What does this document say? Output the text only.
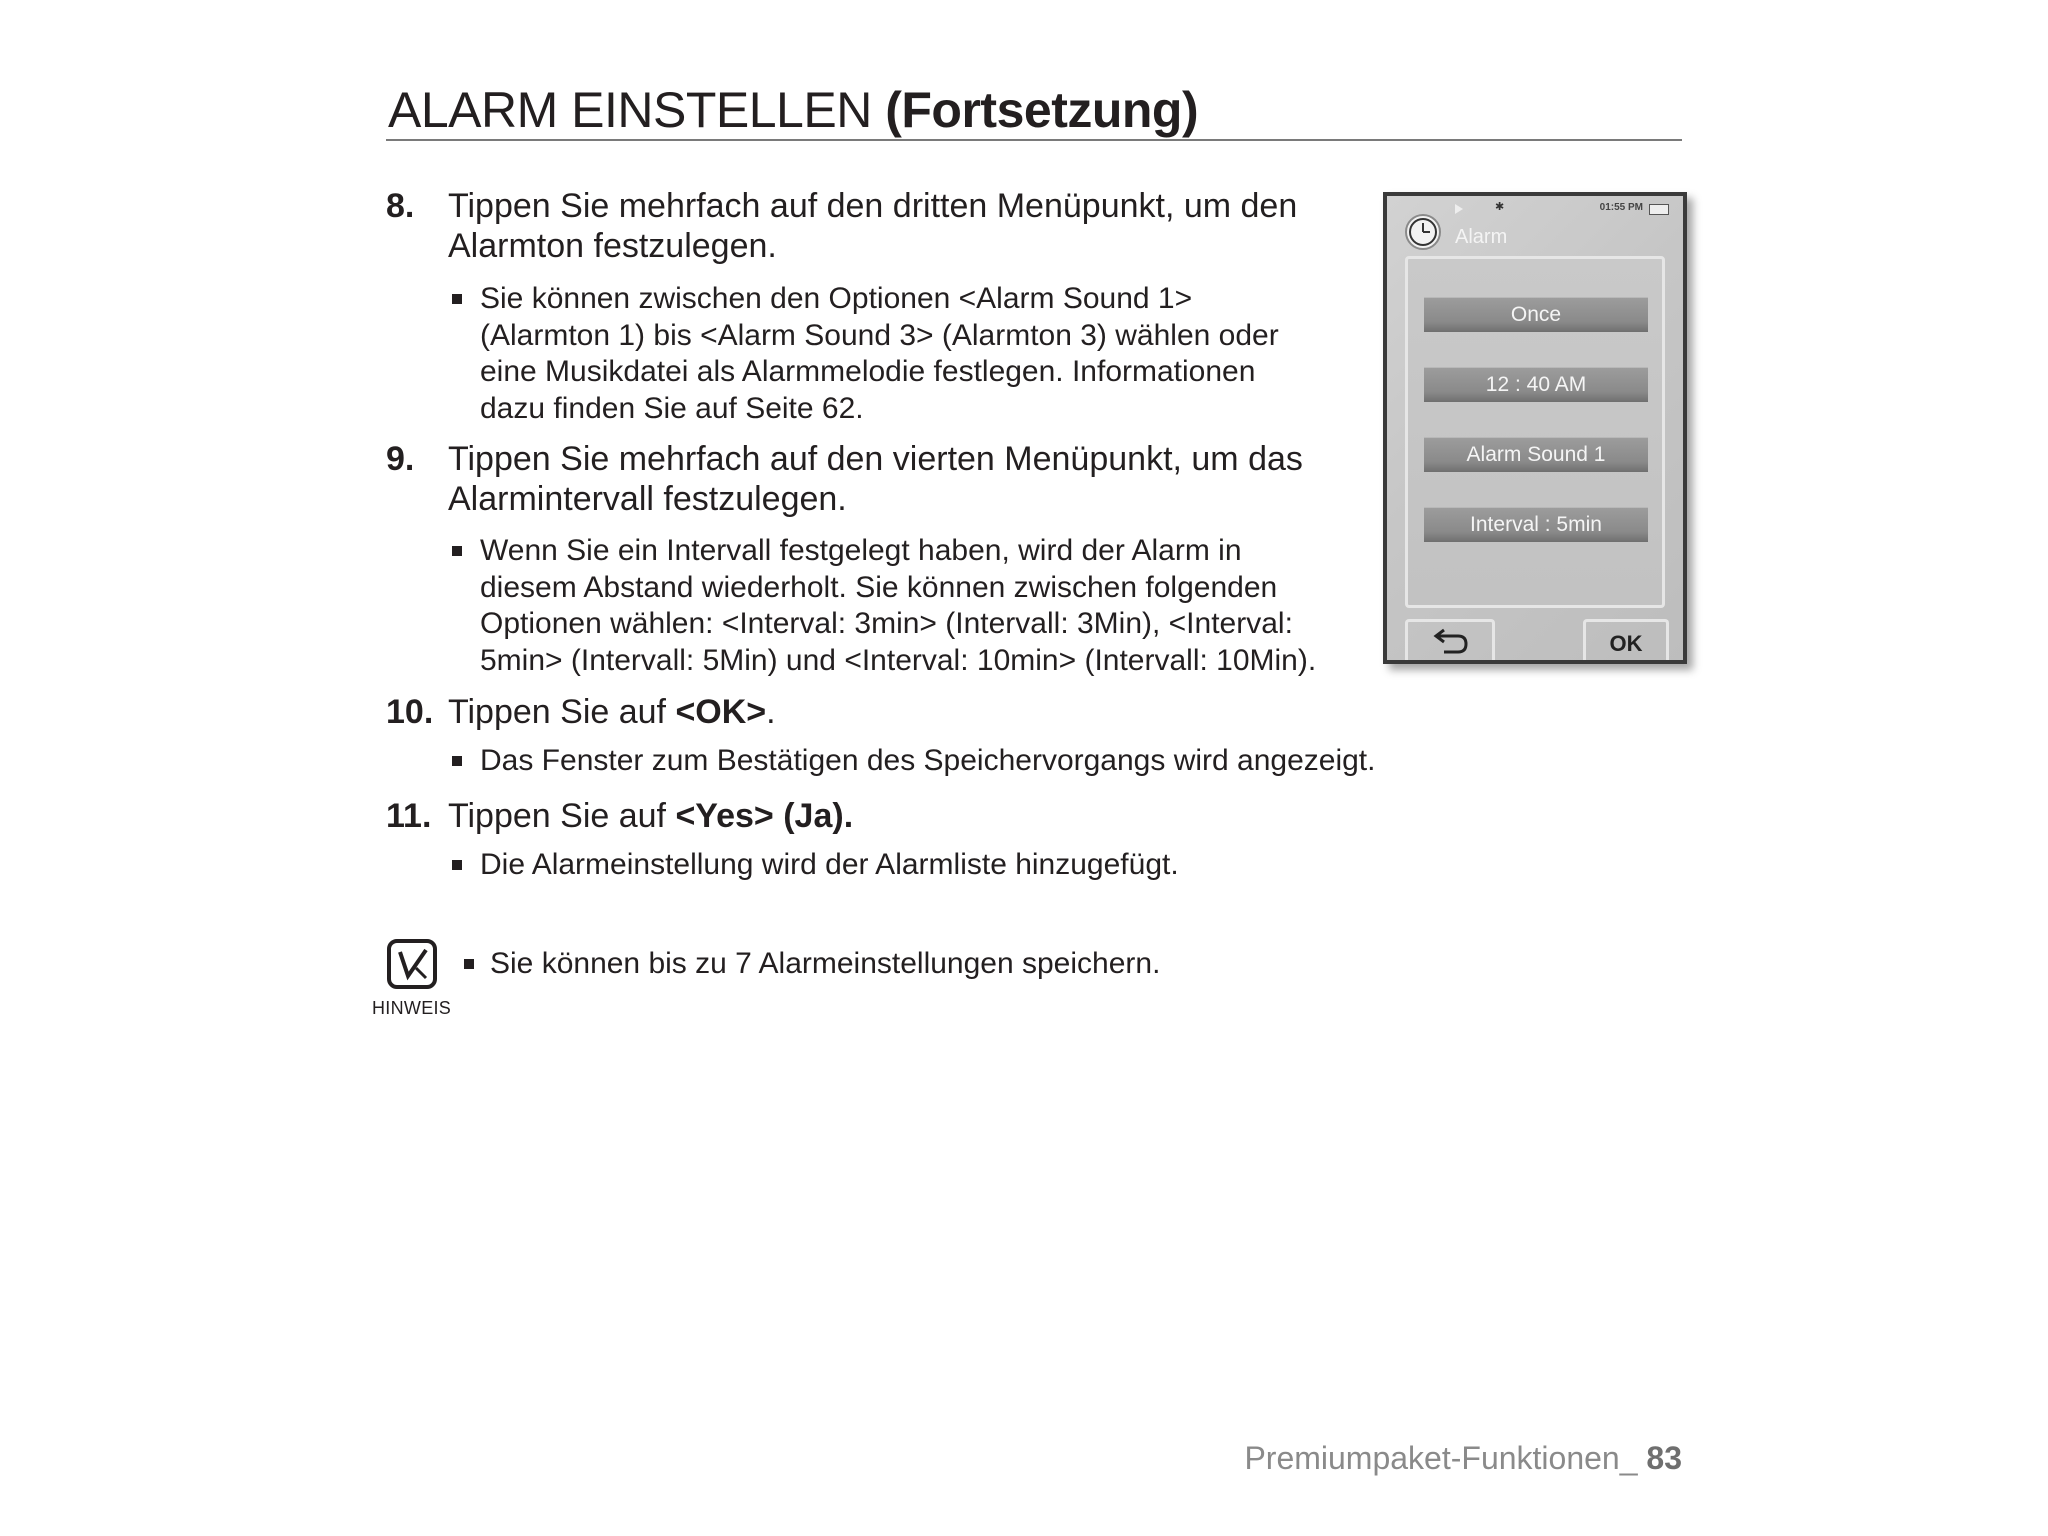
ALARM EINSTELLEN (Fortsetzung)
8. Tippen Sie mehrfach auf den dritten Menüpunkt, um den
Alarmton festzulegen.
Sie können zwischen den Optionen <Alarm Sound 1>
(Alarmton 1) bis <Alarm Sound 3> (Alarmton 3) wählen oder
eine Musikdatei als Alarmmelodie festlegen. Informationen
dazu finden Sie auf Seite 62.
9. Tippen Sie mehrfach auf den vierten Menüpunkt, um das
Alarmintervall festzulegen.
Wenn Sie ein Intervall festgelegt haben, wird der Alarm in
diesem Abstand wiederholt. Sie können zwischen folgenden
Optionen wählen: <Interval: 3min> (Intervall: 3Min), <Interval:
5min> (Intervall: 5Min) und <Interval: 10min> (Intervall: 10Min).
10. Tippen Sie auf <OK>.
Das Fenster zum Bestätigen des Speichervorgangs wird angezeigt.
11. Tippen Sie auf <Yes> (Ja).
Die Alarmeinstellung wird der Alarmliste hinzugefügt.
✱	01:55 PM
Alarm
Once
12 : 40 AM
Alarm Sound 1
Interval : 5min
OK
HINWEIS
Sie können bis zu 7 Alarmeinstellungen speichern.
Premiumpaket-Funktionen_ 83
